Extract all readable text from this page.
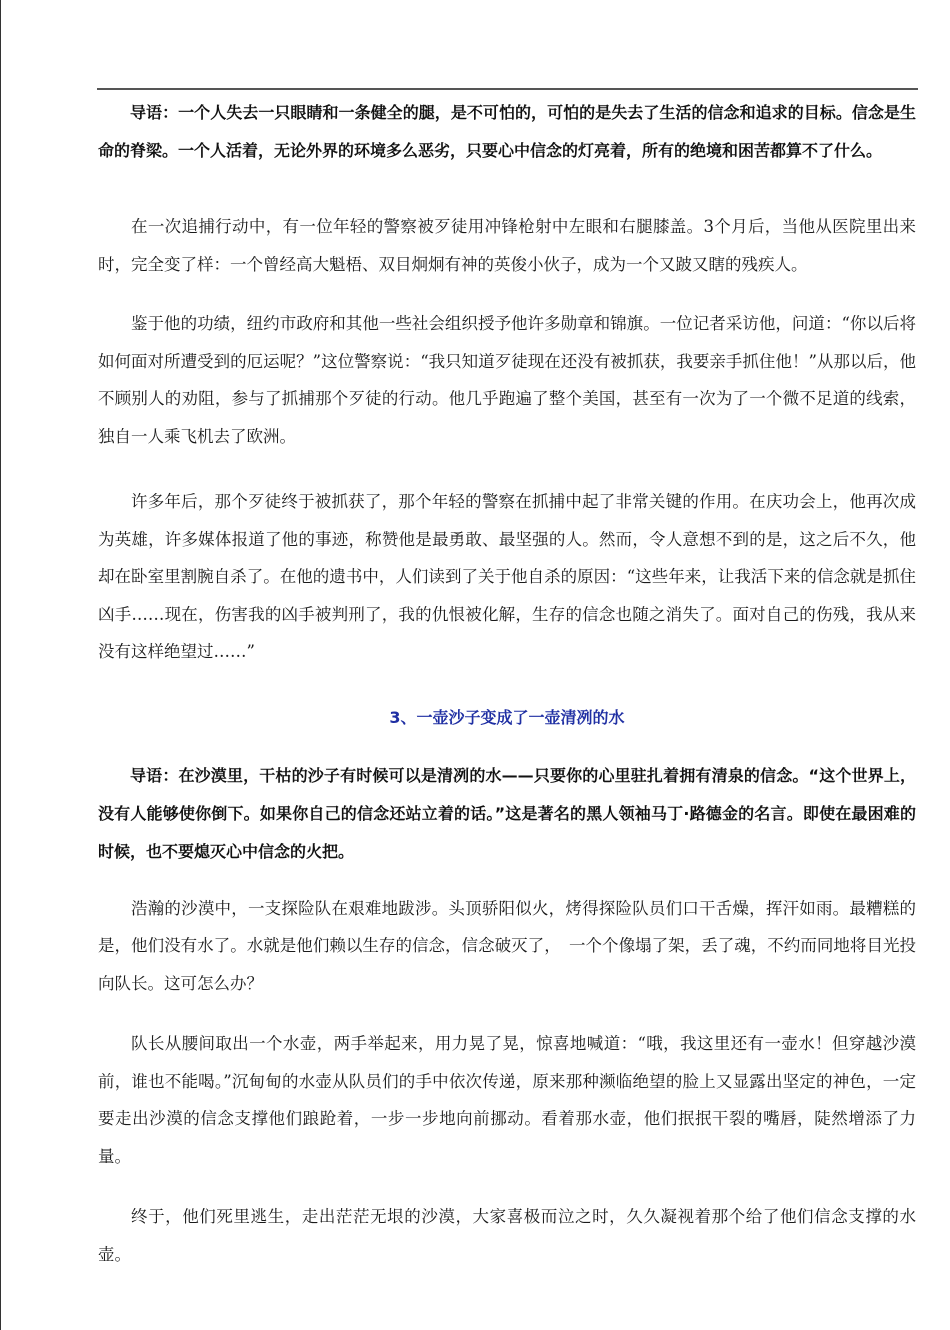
导语：一个人失去一只眼睛和一条健全的腿，是不可怕的，可怕的是失去了生活的信念和追求的目标。信念是生命的脊梁。一个人活着，无论外界的环境多么恶劣，只要心中信念的灯亮着，所有的绝境和困苦都算不了什么。

在一次追捕行动中，有一位年轻的警察被歹徒用冲锋枪射中左眼和右腿膝盖。3个月后，当他从医院里出来时，完全变了样：一个曾经高大魁梧、双目炯炯有神的英俊小伙子，成为一个又跛又瞎的残疾人。

鉴于他的功绩，纽约市政府和其他一些社会组织授予他许多勋章和锦旗。一位记者采访他，问道：“你以后将如何面对所遭受到的厄运呢？”这位警察说：“我只知道歹徒现在还没有被抓获，我要亲手抓住他！”从那以后，他不顾别人的劝阻，参与了抓捕那个歹徒的行动。他几乎跑遍了整个美国，甚至有一次为了一个微不足道的线索，独自一人乘飞机去了欧洲。

许多年后，那个歹徒终于被抓获了，那个年轻的警察在抓捕中起了非常关键的作用。在庆功会上，他再次成为英雄，许多媒体报道了他的事迹，称赞他是最勇敢、最坚强的人。然而，令人意想不到的是，这之后不久，他却在卧室里割腕自杀了。在他的遗书中，人们读到了关于他自杀的原因：“这些年来，让我活下来的信念就是抓住凶手……现在，伤害我的凶手被判刑了，我的仇恨被化解，生存的信念也随之消失了。面对自己的伤残，我从来没有这样绝望过……”

3、一壶沙子变成了一壶清冽的水

导语：在沙漠里，干枯的沙子有时候可以是清冽的水——只要你的心里驻扎着拥有清泉的信念。“这个世界上，没有人能够使你倒下。如果你自己的信念还站立着的话。”这是著名的黑人领袖马丁·路德金的名言。即使在最困难的时候，也不要熄灭心中信念的火把。

浩瀚的沙漠中，一支探险队在艰难地跋涉。头顶骄阳似火，烤得探险队员们口干舌燥，挥汗如雨。最糟糕的是，他们没有水了。水就是他们赖以生存的信念，信念破灭了，　一个个像塌了架，丢了魂，不约而同地将目光投向队长。这可怎么办？

队长从腰间取出一个水壶，两手举起来，用力晃了晃，惊喜地喊道：“哦，我这里还有一壶水！但穿越沙漠前，谁也不能喝。”沉甸甸的水壶从队员们的手中依次传递，原来那种濒临绝望的脸上又显露出坚定的神色，一定要走出沙漠的信念支撑他们踉跄着，一步一步地向前挪动。看着那水壶，他们抿抿干裂的嘴唇，陡然增添了力量。

终于，他们死里逃生，走出茫茫无垠的沙漠，大家喜极而泣之时，久久凝视着那个给了他们信念支撑的水壶。
